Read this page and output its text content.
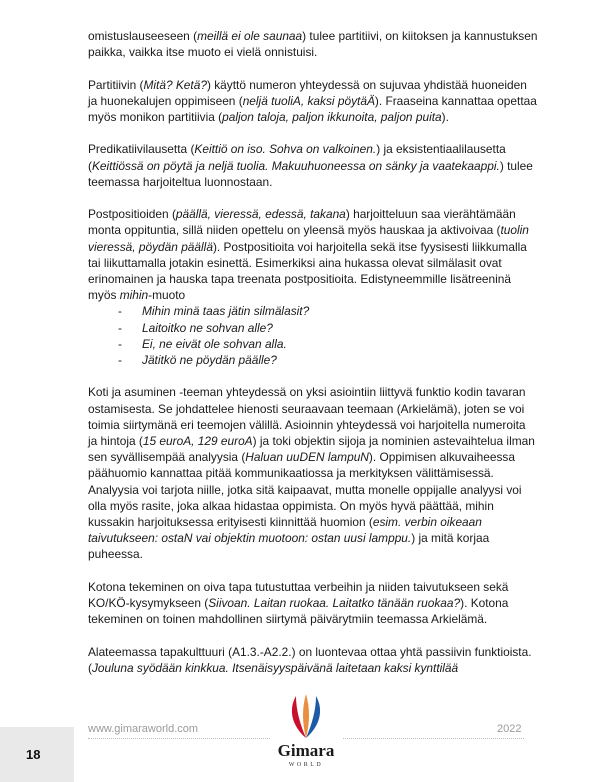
omistuslauseeseen (meillä ei ole saunaa) tulee partitiivi, on kiitoksen ja kannustuksen paikka, vaikka itse muoto ei vielä onnistuisi.

Partitiivin (Mitä? Ketä?) käyttö numeron yhteydessä on sujuvaa yhdistää huoneiden ja huonekalujen oppimiseen (neljä tuoliA, kaksi pöytäÄ). Fraaseina kannattaa opettaa myös monikon partitiivia (paljon taloja, paljon ikkunoita, paljon puita).

Predikatiivilausetta (Keittiö on iso. Sohva on valkoinen.) ja eksistentiaalilausetta (Keittiössä on pöytä ja neljä tuolia. Makuuhuoneessa on sänky ja vaatekaappi.) tulee teemassa harjoiteltua luonnostaan.

Postpositioiden (päällä, vieressä, edessä, takana) harjoitteluun saa vierähtämään monta oppituntia, sillä niiden opettelu on yleensä myös hauskaa ja aktivoivaa (tuolin vieressä, pöydän päällä). Postpositioita voi harjoitella sekä itse fyysisesti liikkumalla tai liikuttamalla jotakin esinettä. Esimerkiksi aina hukassa olevat silmälasit ovat erinomainen ja hauska tapa treenata postpositioita. Edistyneemmille lisätreeninä myös mihin-muoto

- Mihin minä taas jätin silmälasit?
- Laitoitko ne sohvan alle?
- Ei, ne eivät ole sohvan alla.
- Jätitkö ne pöydän päälle?

Koti ja asuminen -teeman yhteydessä on yksi asiointiin liittyvä funktio kodin tavaran ostamisesta. Se johdattelee hienosti seuraavaan teemaan (Arkielämä), joten se voi toimia siirtymänä eri teemojen välillä. Asioinnin yhteydessä voi harjoitella numeroita ja hintoja (15 euroA, 129 euroA) ja toki objektin sijoja ja nominien astevaihtelua ilman sen syvällisempää analyysia (Haluan uuDEN lampuN). Oppimisen alkuvaiheessa päähuomio kannattaa pitää kommunikaatiossa ja merkityksen välittämisessä. Analyysia voi tarjota niille, jotka sitä kaipaavat, mutta monelle oppijalle analyysi voi olla myös rasite, joka alkaa hidastaa oppimista. On myös hyvä päättää, mihin kussakin harjoituksessa erityisesti kiinnittää huomion (esim. verbin oikeaan taivutukseen: ostaN vai objektin muotoon: ostan uusi lamppu.) ja mitä korjaa puheessa.

Kotona tekeminen on oiva tapa tutustuttaa verbeihin ja niiden taivutukseen sekä KO/KÖ-kysymykseen (Siivoan. Laitan ruokaa. Laitatko tänään ruokaa?). Kotona tekeminen on toinen mahdollinen siirtymä päivärytmiin teemassa Arkielämä.

Alateemassa tapakulttuuri (A1.3.-A2.2.) on luontevaa ottaa yhtä passiivin funktioista. (Jouluna syödään kinkkua. Itsenäisyyspäivänä laitetaan kaksi kynttilää

www.gimaraworld.com	2022
18	Gimara
WORLD
